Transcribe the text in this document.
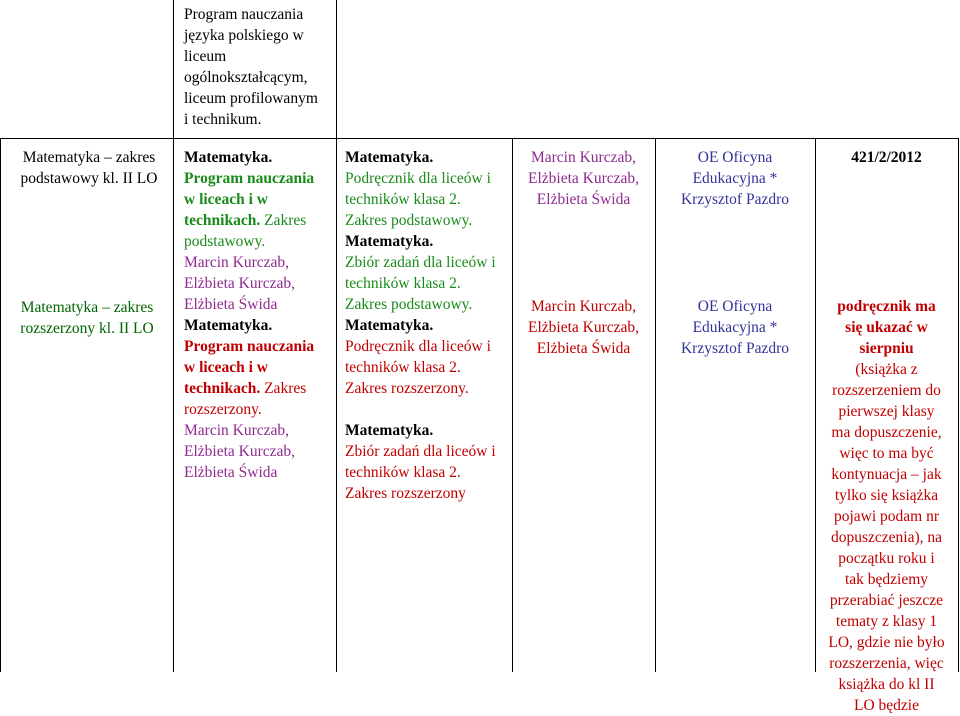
Program nauczania
języka polskiego w
liceum
ogólnokształcącym,
liceum profilowanym
i technikum.
Matematyka – zakres
podstawowy kl. II LO
Matematyka – zakres
rozszerzony kl. II LO
Matematyka.
Program nauczania
w liceach i w
technikach. Zakres
podstawowy.
Marcin Kurczab,
Elżbieta Kurczab,
Elżbieta Świda
Matematyka.
Program nauczania
w liceach i w
technikach. Zakres
rozszerzony.
Marcin Kurczab,
Elżbieta Kurczab,
Elżbieta Świda
Matematyka.
Podręcznik dla liceów i
techników klasa 2.
Zakres podstawowy.
Matematyka.
Zbiór zadań dla liceów i
techników klasa 2.
Zakres podstawowy.
Matematyka.
Podręcznik dla liceów i
techników klasa 2.
Zakres rozszerzony.
Matematyka.
Zbiór zadań dla liceów i
techników klasa 2.
Zakres rozszerzony
Marcin Kurczab,
Elżbieta Kurczab,
Elżbieta Świda
Marcin Kurczab,
Elżbieta Kurczab,
Elżbieta Świda
OE Oficyna
Edukacyjna *
Krzysztof Pazdro
OE Oficyna
Edukacyjna *
Krzysztof Pazdro
421/2/2012
podręcznik ma
się ukazać w
sierpniu
(książka z
rozszerzeniem do
pierwszej klasy
ma dopuszczenie,
więc to ma być
kontynuacja – jak
tylko się książka
pojawi podam nr
dopuszczenia), na
początku roku i
tak będziemy
przerabiać jeszcze
tematy z klasy 1
LO, gdzie nie było
rozszerzenia, więc
książka do kl II
LO będzie
